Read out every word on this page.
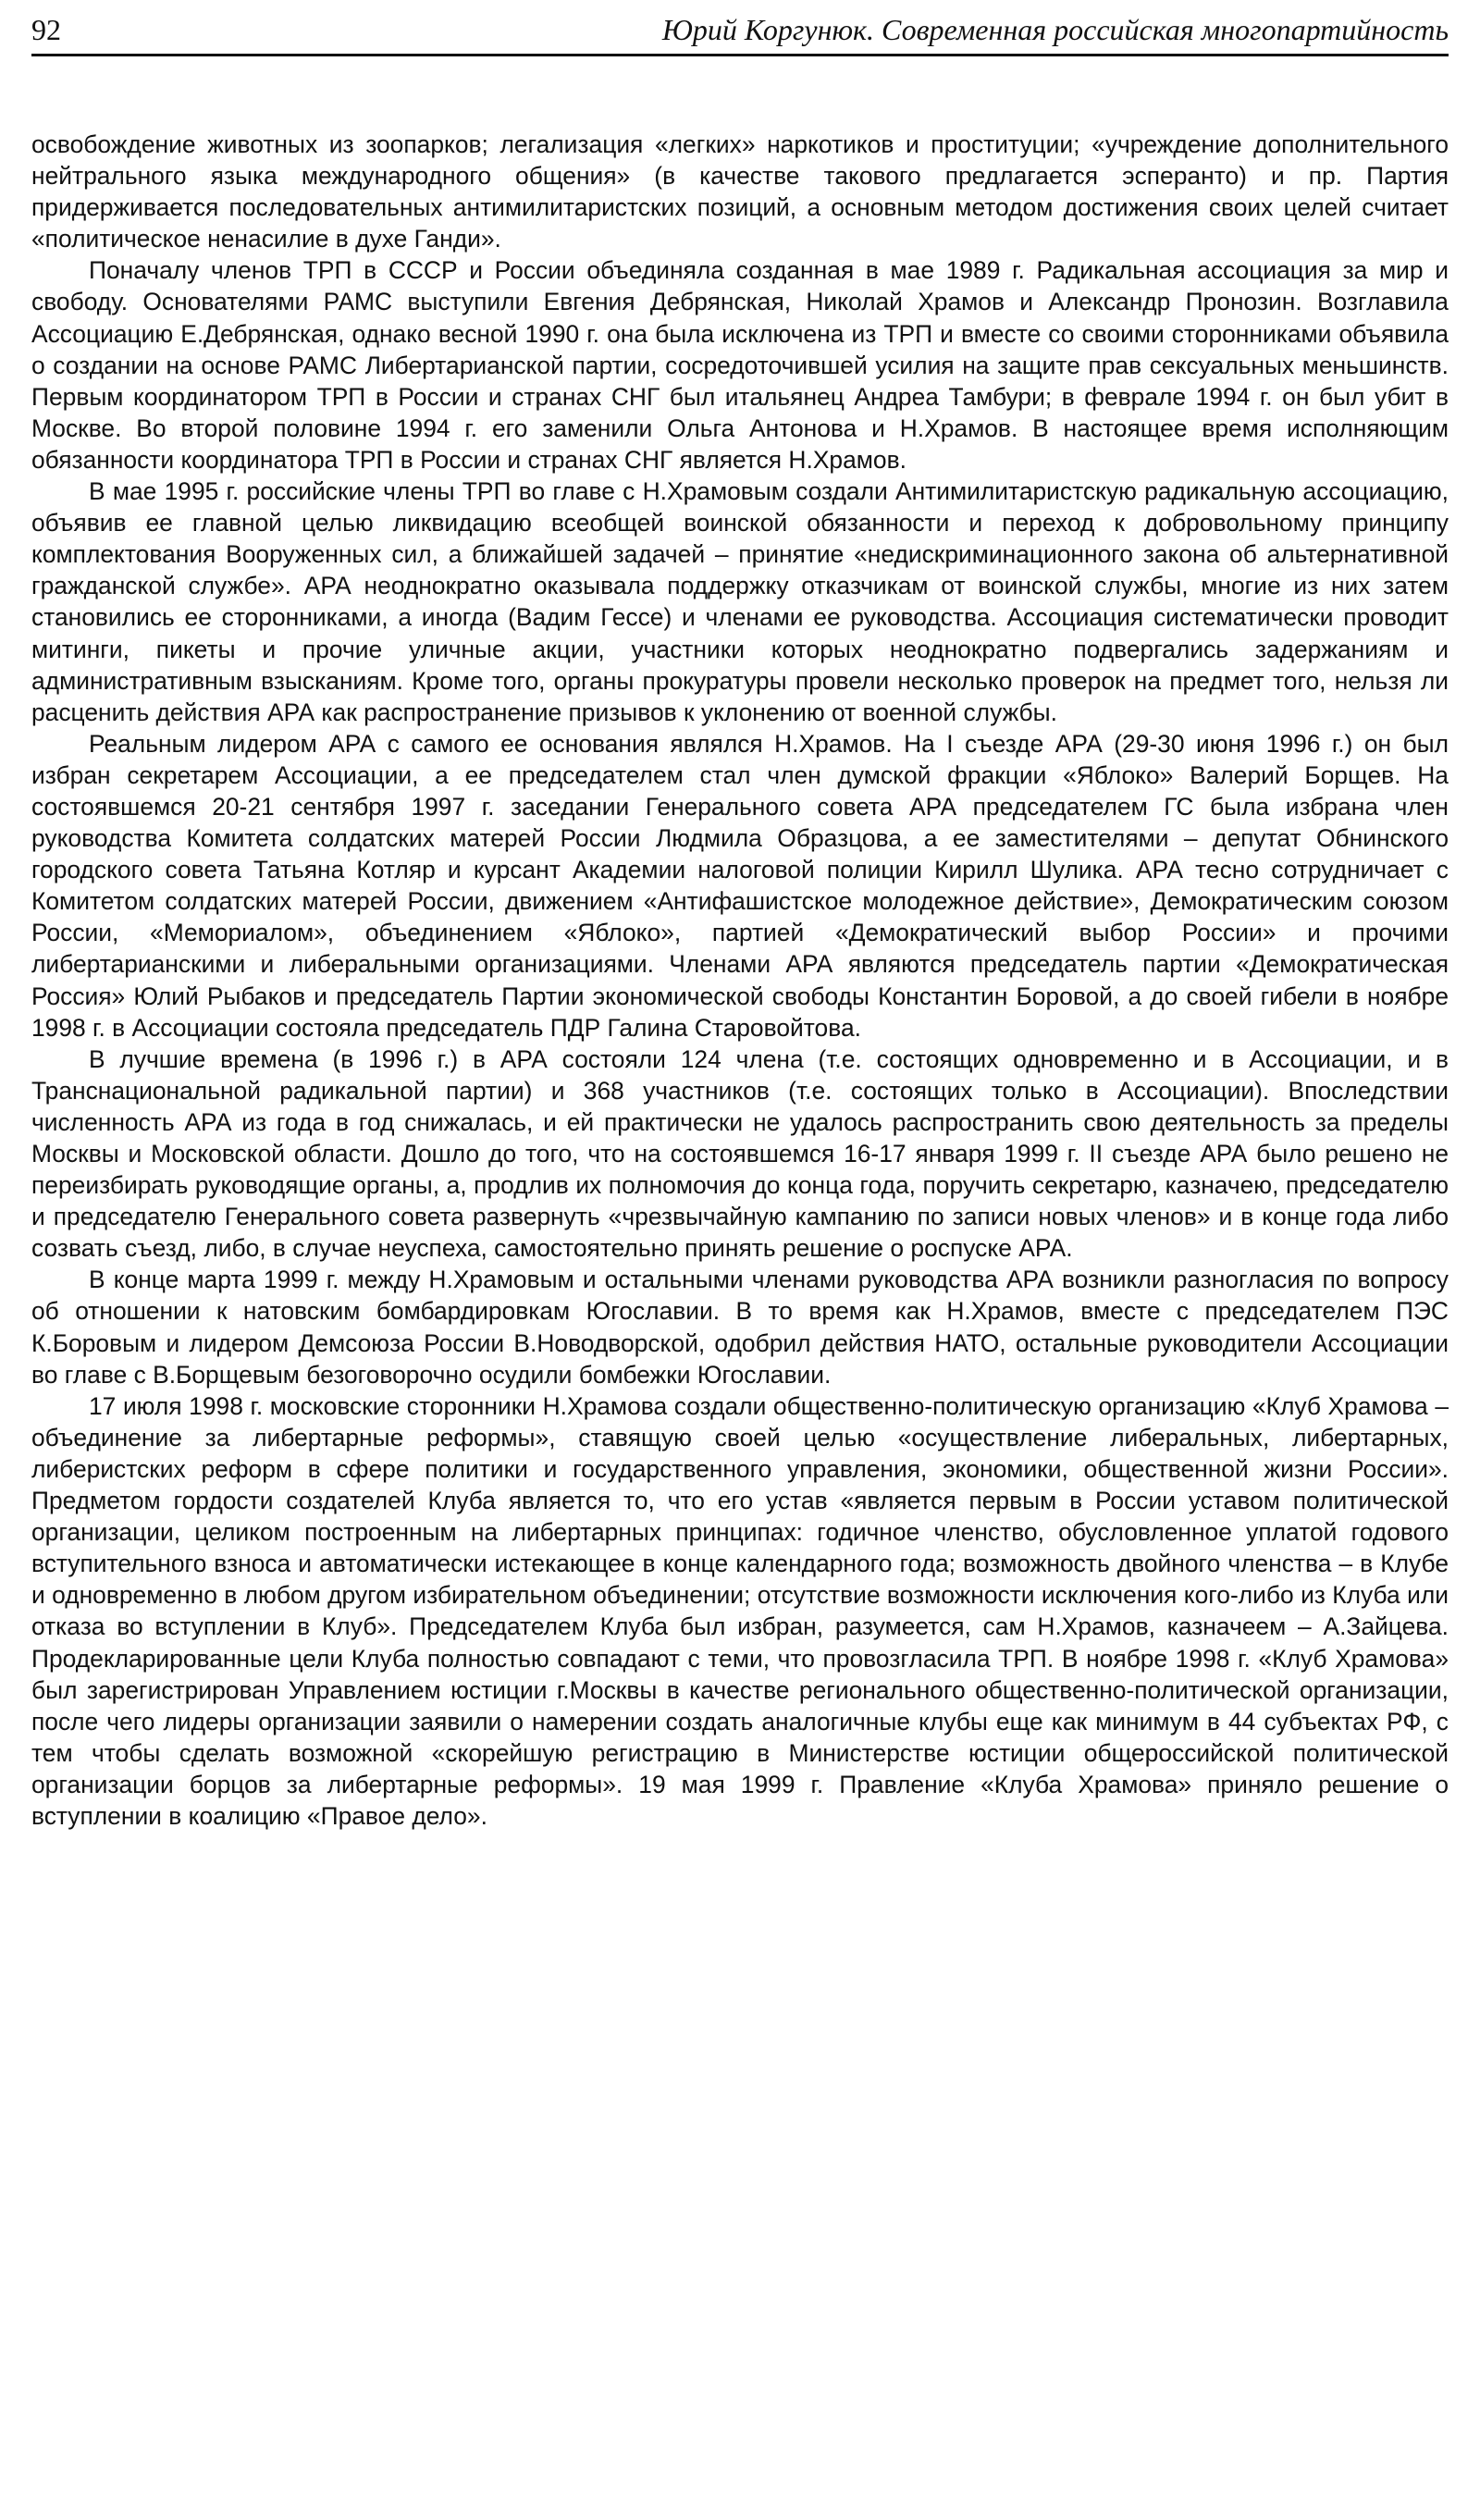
92	Юрий Коргунюк. Современная российская многопартийность

освобождение животных из зоопарков; легализация «легких» наркотиков и проституции; «учреждение дополнительного нейтрального языка международного общения» (в качестве такового предлагается эсперанто) и пр. Партия придерживается последовательных антимилитаристских позиций, а основным методом достижения своих целей считает «политическое ненасилие в духе Ганди».

Поначалу членов ТРП в СССР и России объединяла созданная в мае 1989 г. Радикальная ассоциация за мир и свободу. Основателями РАМС выступили Евгения Дебрянская, Николай Храмов и Александр Пронозин. Возглавила Ассоциацию Е.Дебрянская, однако весной 1990 г. она была исключена из ТРП и вместе со своими сторонниками объявила о создании на основе РАМС Либертарианской партии, сосредоточившей усилия на защите прав сексуальных меньшинств. Первым координатором ТРП в России и странах СНГ был итальянец Андреа Тамбури; в феврале 1994 г. он был убит в Москве. Во второй половине 1994 г. его заменили Ольга Антонова и Н.Храмов. В настоящее время исполняющим обязанности координатора ТРП в России и странах СНГ является Н.Храмов.

В мае 1995 г. российские члены ТРП во главе с Н.Храмовым создали Антимилитаристскую радикальную ассоциацию, объявив ее главной целью ликвидацию всеобщей воинской обязанности и переход к добровольному принципу комплектования Вооруженных сил, а ближайшей задачей – принятие «недискриминационного закона об альтернативной гражданской службе». АРА неоднократно оказывала поддержку отказчикам от воинской службы, многие из них затем становились ее сторонниками, а иногда (Вадим Гессе) и членами ее руководства. Ассоциация систематически проводит митинги, пикеты и прочие уличные акции, участники которых неоднократно подвергались задержаниям и административным взысканиям. Кроме того, органы прокуратуры провели несколько проверок на предмет того, нельзя ли расценить действия АРА как распространение призывов к уклонению от военной службы.

Реальным лидером АРА с самого ее основания являлся Н.Храмов. На I съезде АРА (29-30 июня 1996 г.) он был избран секретарем Ассоциации, а ее председателем стал член думской фракции «Яблоко» Валерий Борщев. На состоявшемся 20-21 сентября 1997 г. заседании Генерального совета АРА председателем ГС была избрана член руководства Комитета солдатских матерей России Людмила Образцова, а ее заместителями – депутат Обнинского городского совета Татьяна Котляр и курсант Академии налоговой полиции Кирилл Шулика. АРА тесно сотрудничает с Комитетом солдатских матерей России, движением «Антифашистское молодежное действие», Демократическим союзом России, «Мемориалом», объединением «Яблоко», партией «Демократический выбор России» и прочими либертарианскими и либеральными организациями. Членами АРА являются председатель партии «Демократическая Россия» Юлий Рыбаков и председатель Партии экономической свободы Константин Боровой, а до своей гибели в ноябре 1998 г. в Ассоциации состояла председатель ПДР Галина Старовойтова.

В лучшие времена (в 1996 г.) в АРА состояли 124 члена (т.е. состоящих одновременно и в Ассоциации, и в Транснациональной радикальной партии) и 368 участников (т.е. состоящих только в Ассоциации). Впоследствии численность АРА из года в год снижалась, и ей практически не удалось распространить свою деятельность за пределы Москвы и Московской области. Дошло до того, что на состоявшемся 16-17 января 1999 г. II съезде АРА было решено не переизбирать руководящие органы, а, продлив их полномочия до конца года, поручить секретарю, казначею, председателю и председателю Генерального совета развернуть «чрезвычайную кампанию по записи новых членов» и в конце года либо созвать съезд, либо, в случае неуспеха, самостоятельно принять решение о роспуске АРА.

В конце марта 1999 г. между Н.Храмовым и остальными членами руководства АРА возникли разногласия по вопросу об отношении к натовским бомбардировкам Югославии. В то время как Н.Храмов, вместе с председателем ПЭС К.Боровым и лидером Демсоюза России В.Новодворской, одобрил действия НАТО, остальные руководители Ассоциации во главе с В.Борщевым безоговорочно осудили бомбежки Югославии.

17 июля 1998 г. московские сторонники Н.Храмова создали общественно-политическую организацию «Клуб Храмова – объединение за либертарные реформы», ставящую своей целью «осуществление либеральных, либертарных, либеристских реформ в сфере политики и государственного управления, экономики, общественной жизни России». Предметом гордости создателей Клуба является то, что его устав «является первым в России уставом политической организации, целиком построенным на либертарных принципах: годичное членство, обусловленное уплатой годового вступительного взноса и автоматически истекающее в конце календарного года; возможность двойного членства – в Клубе и одновременно в любом другом избирательном объединении; отсутствие возможности исключения кого-либо из Клуба или отказа во вступлении в Клуб». Председателем Клуба был избран, разумеется, сам Н.Храмов, казначеем – А.Зайцева. Продекларированные цели Клуба полностью совпадают с теми, что провозгласила ТРП. В ноябре 1998 г. «Клуб Храмова» был зарегистрирован Управлением юстиции г.Москвы в качестве регионального общественно-политической организации, после чего лидеры организации заявили о намерении создать аналогичные клубы еще как минимум в 44 субъектах РФ, с тем чтобы сделать возможной «скорейшую регистрацию в Министерстве юстиции общероссийской политической организации борцов за либертарные реформы». 19 мая 1999 г. Правление «Клуба Храмова» приняло решение о вступлении в коалицию «Правое дело».
